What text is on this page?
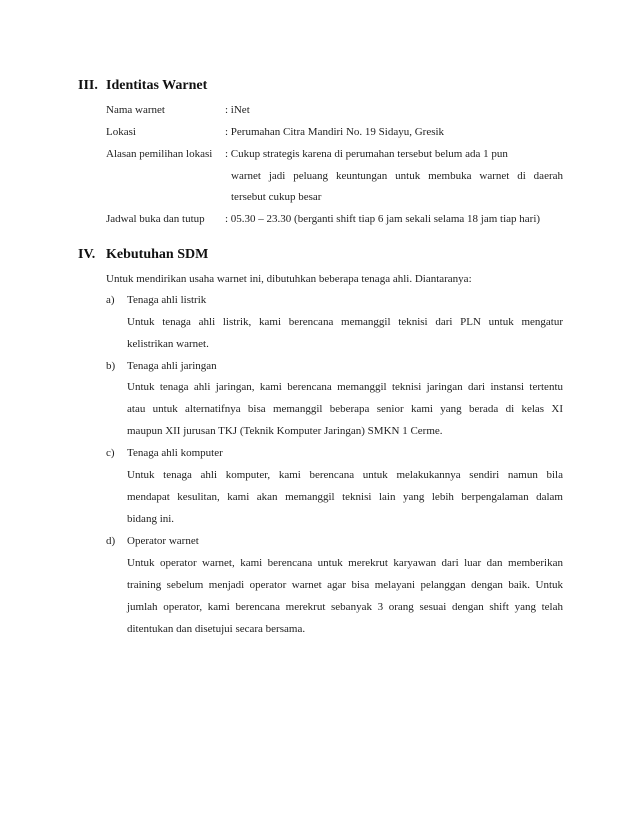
III. Identitas Warnet
Nama warnet	: iNet
Lokasi	: Perumahan Citra Mandiri No. 19 Sidayu, Gresik
Alasan pemilihan lokasi : Cukup strategis karena di perumahan tersebut belum ada 1 pun
warnet jadi peluang keuntungan untuk membuka warnet di daerah
tersebut cukup besar
Jadwal buka dan tutup : 05.30 – 23.30 (berganti shift tiap 6 jam sekali selama 18 jam tiap hari)
IV. Kebutuhan SDM
Untuk mendirikan usaha warnet ini, dibutuhkan beberapa tenaga ahli. Diantaranya:
a) Tenaga ahli listrik
Untuk tenaga ahli listrik, kami berencana memanggil teknisi dari PLN untuk mengatur
kelistrikan warnet.
b) Tenaga ahli jaringan
Untuk tenaga ahli jaringan, kami berencana memanggil teknisi jaringan dari instansi tertentu
atau untuk alternatifnya bisa memanggil beberapa senior kami yang berada di kelas XI
maupun XII jurusan TKJ (Teknik Komputer Jaringan) SMKN 1 Cerme.
c) Tenaga ahli komputer
Untuk tenaga ahli komputer, kami berencana untuk melakukannya sendiri namun bila
mendapat kesulitan, kami akan memanggil teknisi lain yang lebih berpengalaman dalam
bidang ini.
d) Operator warnet
Untuk operator warnet, kami berencana untuk merekrut karyawan dari luar dan memberikan
training sebelum menjadi operator warnet agar bisa melayani pelanggan dengan baik. Untuk
jumlah operator, kami berencana merekrut sebanyak 3 orang sesuai dengan shift yang telah
ditentukan dan disetujui secara bersama.
